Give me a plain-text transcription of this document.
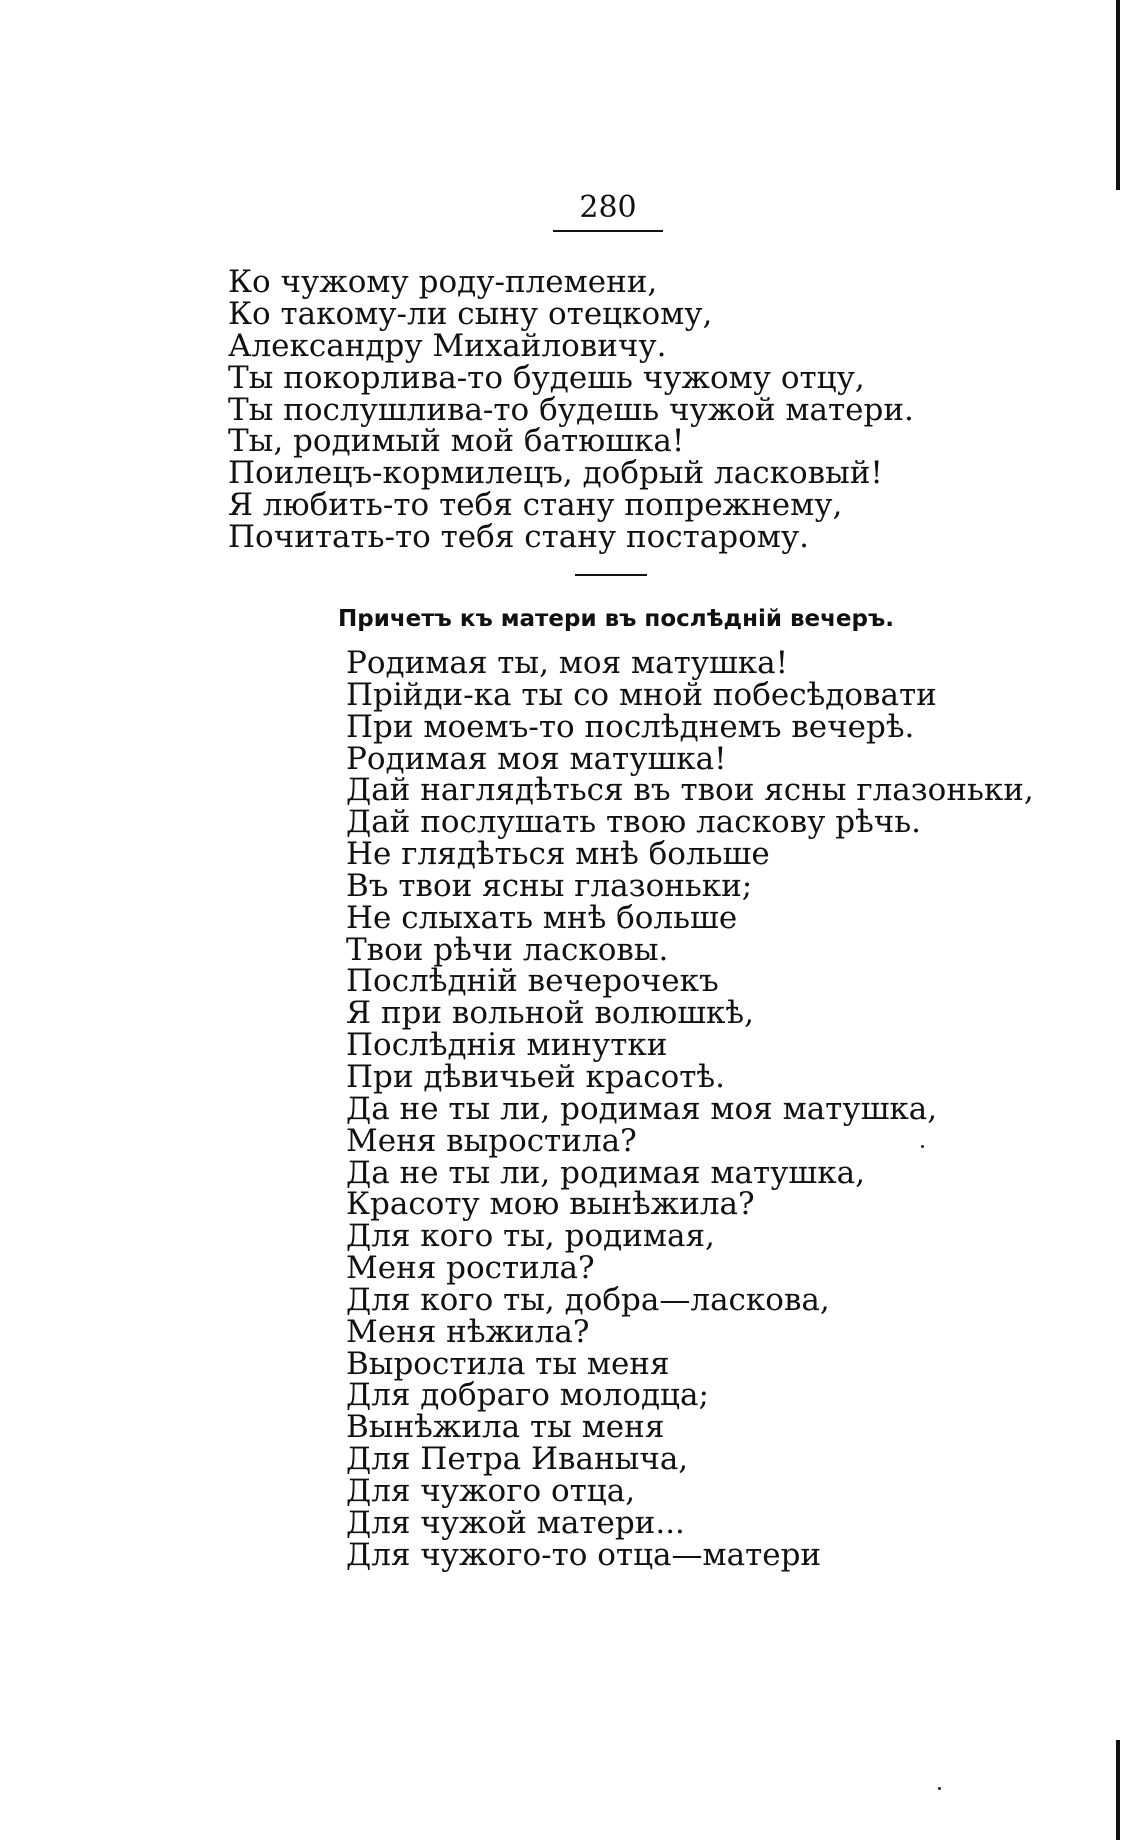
280
Ко чужому роду-племени,
Ко такому-ли сыну отецкому,
Александру Михайловичу.
Ты покорлива-то будешь чужому отцу,
Ты послушлива-то будешь чужой матери.
Ты, родимый мой батюшка!
Поилецъ-кормилецъ, добрый ласковый!
Я любить-то тебя стану попрежнему,
Почитать-то тебя стану постарому.
Причетъ къ матери въ послѣдній вечеръ.
Родимая ты, моя матушка!
Прійди-ка ты со мной побесѣдовати
При моемъ-то послѣднемъ вечерѣ.
Родимая моя матушка!
Дай наглядѣться въ твои ясны глазоньки,
Дай послушать твою ласкову рѣчь.
Не глядѣться мнѣ больше
Въ твои ясны глазоньки;
Не слыхать мнѣ больше
Твои рѣчи ласковы.
Послѣдній вечерочекъ
Я при вольной волюшкѣ,
Послѣднія минутки
При дѣвичьей красотѣ.
Да не ты ли, родимая моя матушка,
Меня выростила?
Да не ты ли, родимая матушка,
Красоту мою вынѣжила?
Для кого ты, родимая,
Меня ростила?
Для кого ты, добра—ласкова,
Меня нѣжила?
Выростила ты меня
Для добраго молодца;
Вынѣжила ты меня
Для Петра Иваныча,
Для чужого отца,
Для чужой матери...
Для чужого-то отца—матери
